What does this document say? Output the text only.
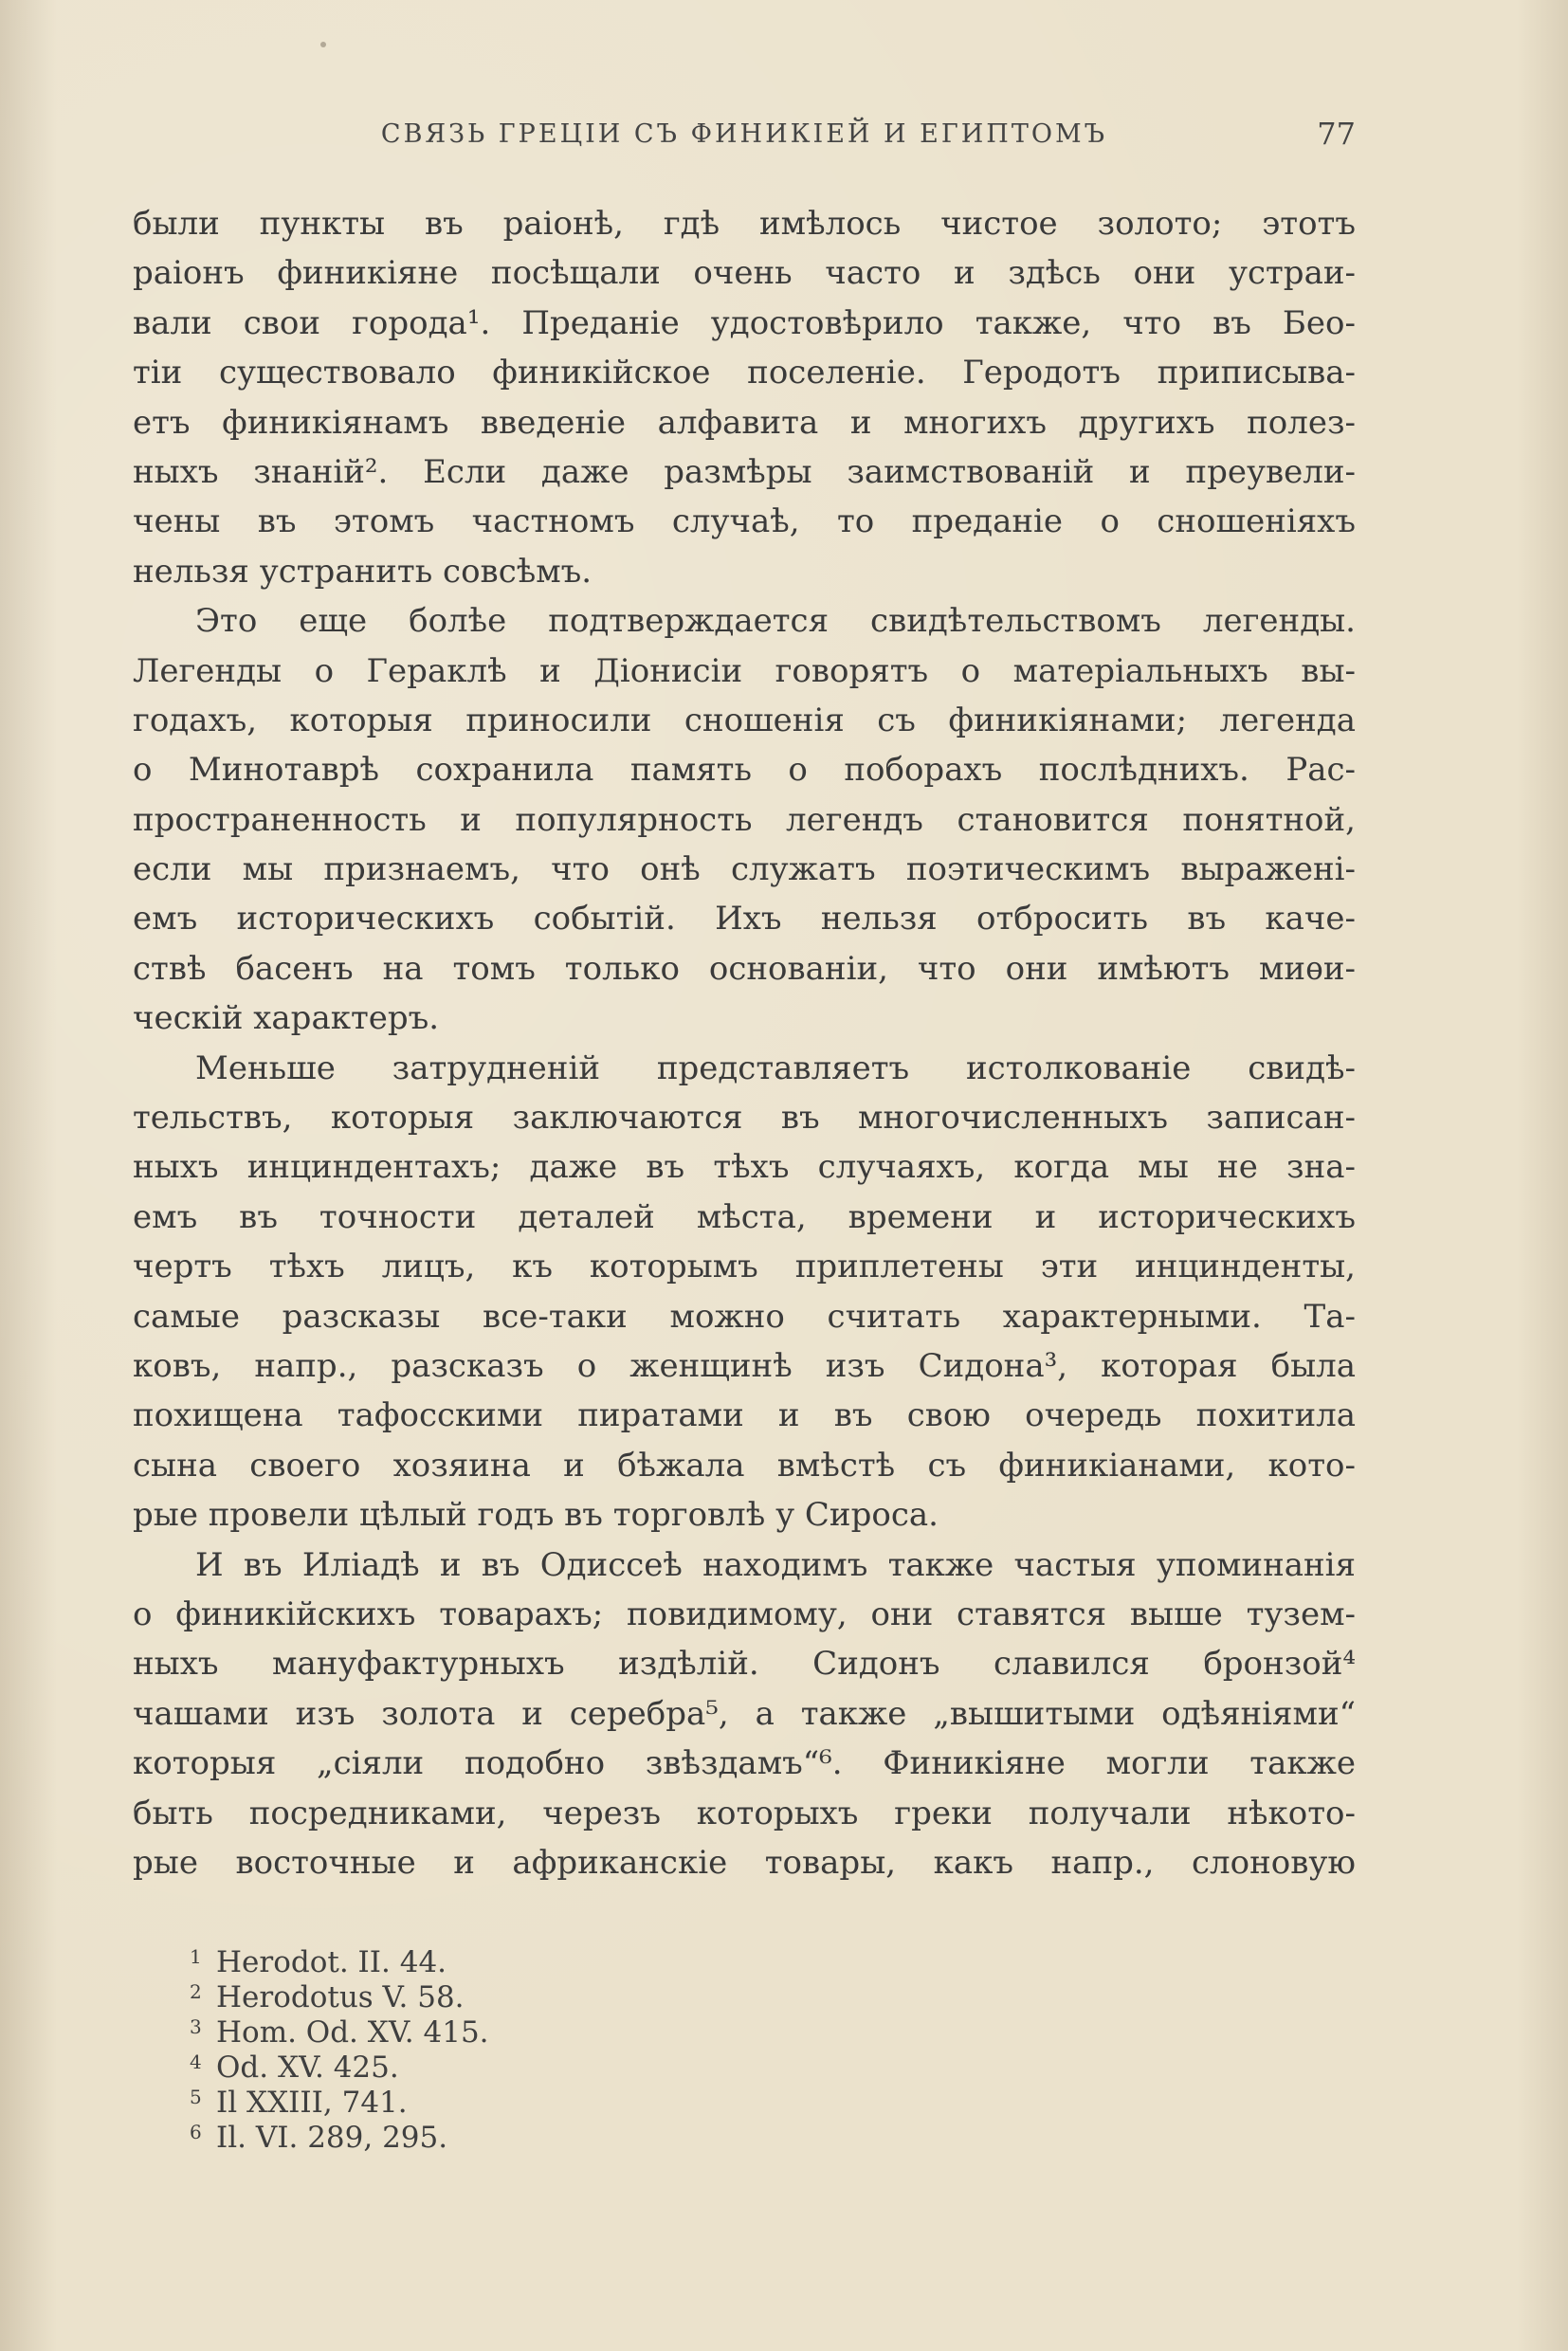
СВЯЗЬ ГРЕЦІИ СЪ ФИНИКІЕЙ И ЕГИПТОМЪ	77
были пункты въ раіонѣ, гдѣ имѣлось чистое золото; этотъ
раіонъ финикіяне посѣщали очень часто и здѣсь они устраи-
вали свои города¹. Преданіе удостовѣрило также, что въ Бео-
тіи существовало финикійское поселеніе. Геродотъ приписыва-
етъ финикіянамъ введеніе алфавита и многихъ другихъ полез-
ныхъ знаній². Если даже размѣры заимствованій и преувели-
чены въ этомъ частномъ случаѣ, то преданіе о сношеніяхъ
нельзя устранить совсѣмъ.
Это еще болѣе подтверждается свидѣтельствомъ легенды.
Легенды о Гераклѣ и Діонисіи говорятъ о матеріальныхъ вы-
годахъ, которыя приносили сношенія съ финикіянами; легенда
о Минотаврѣ сохранила память о поборахъ послѣднихъ. Рас-
пространенность и популярность легендъ становится понятной,
если мы признаемъ, что онѣ служатъ поэтическимъ выраженi-
емъ историческихъ событій. Ихъ нельзя отбросить въ каче-
ствѣ басенъ на томъ только основаніи, что они имѣютъ миѳи-
ческій характеръ.
Меньше затрудненій представляетъ истолкованіе свидѣ-
тельствъ, которыя заключаются въ многочисленныхъ записан-
ныхъ инциндентахъ; даже въ тѣхъ случаяхъ, когда мы не зна-
емъ въ точности деталей мѣста, времени и историческихъ
чертъ тѣхъ лицъ, къ которымъ приплетены эти инцинденты,
самые разсказы все-таки можно считать характерными. Та-
ковъ, напр., разсказъ о женщинѣ изъ Сидона³, которая была
похищена тафосскими пиратами и въ свою очередь похитила
сына своего хозяина и бѣжала вмѣстѣ съ финикіанами, кото-
рые провели цѣлый годъ въ торговлѣ у Сироса.
И въ Иліадѣ и въ Одиссеѣ находимъ также частыя упоминанія
о финикійскихъ товарахъ; повидимому, они ставятся выше тузем-
ныхъ мануфактурныхъ издѣлій. Сидонъ славился бронзой⁴
чашами изъ золота и серебра⁵, а также „вышитыми одѣяніями“
которыя „сіяли подобно звѣздамъ“⁶. Финикіяне могли также
быть посредниками, черезъ которыхъ греки получали нѣкото-
рые восточные и африканскіе товары, какъ напр., слоновую
1 Herodot. II. 44.
2 Herodotus V. 58.
3 Hom. Od. XV. 415.
4 Od. XV. 425.
5 Il XXIII, 741.
6 Il. VI. 289, 295.
